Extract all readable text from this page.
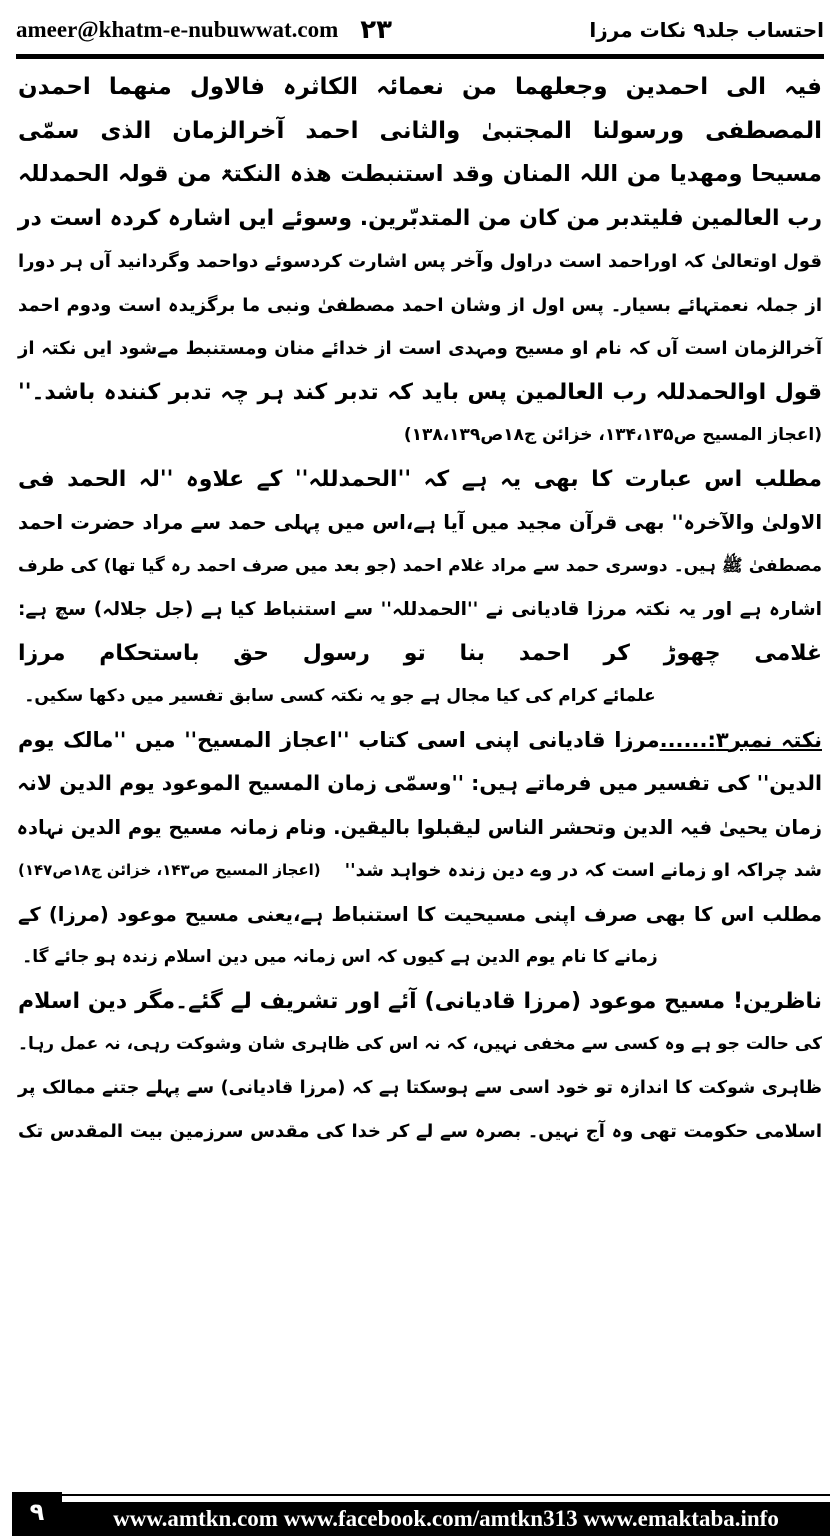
ameer@khatm-e-nubuwwat.com ۲۳	احتساب جلد۹ نکات مرزا
فیہ الی احمدین وجعلھما من نعمائہ الکاثرہ فالاول منھما احمدن
المصطفی ورسولنا المجتبیٰ والثانی احمد آخرالزمان الذی سمّی
مسیحا ومھدیا من اللہ المنان وقد استنبطت ھذہ النکتۃ من قولہ الحمدللہ
رب العالمین فلیتدبر من کان من المتدبّرین. وسوئے ایں اشارہ کردہ است در
قول اوتعالیٰ کہ اوراحمد است دراول وآخر پس اشارت کردسوئے دواحمد وگردانید آں ہر دورا
از جملہ نعمتہائے بسیار۔ پس اول از وشان احمد مصطفیٰ ونبی ما برگزیدہ است ودوم احمد
آخرالزمان است آں کہ نام او مسیح ومہدی است از خدائے منان ومستنبط مےشود ایں نکتہ از
قول اوالحمدللہ رب العالمین پس باید کہ تدبر کند ہر چہ تدبر کنندہ باشد۔''
(اعجاز المسیح ص۱۳۴،۱۳۵، خزائن ج۱۸ص۱۳۸،۱۳۹)
مطلب اس عبارت کا بھی یہ ہے کہ ''الحمدللہ'' کے علاوہ ''لہ الحمد فی
الاولیٰ والآخرہ'' بھی قرآن مجید میں آیا ہے،اس میں پہلی حمد سے مراد حضرت احمد
مصطفیٰ ﷺ ہیں۔ دوسری حمد سے مراد غلام احمد (جو بعد میں صرف احمد رہ گیا تھا) کی طرف
اشارہ ہے اور یہ نکتہ مرزا قادیانی نے ''الحمدللہ'' سے استنباط کیا ہے (جل جلالہ) سچ ہے:
غلامی چھوڑ کر احمد بنا تو رسول حق باستحکام مرزا
علمائے کرام کی کیا مجال ہے جو یہ نکتہ کسی سابق تفسیر میں دکھا سکیں۔
نکتہ نمبر۳:......مرزا قادیانی اپنی اسی کتاب ''اعجاز المسیح'' میں ''مالک یوم
الدین'' کی تفسیر میں فرماتے ہیں: ''وسمّی زمان المسیح الموعود یوم الدین لانہ
زمان یحییٰ فیہ الدین وتحشر الناس لیقبلوا بالیقین. ونام زمانہ مسیح یوم الدین نہادہ
شد چراکہ او زمانے است کہ در وے دین زندہ خواہد شد''
(اعجاز المسیح ص۱۴۳، خزائن ج۱۸ص۱۴۷)
مطلب اس کا بھی صرف اپنی مسیحیت کا استنباط ہے،یعنی مسیح موعود (مرزا) کے
زمانے کا نام یوم الدین ہے کیوں کہ اس زمانہ میں دین اسلام زندہ ہو جائے گا۔
ناظرین! مسیح موعود (مرزا قادیانی) آئے اور تشریف لے گئے۔مگر دین اسلام
کی حالت جو ہے وہ کسی سے مخفی نہیں، کہ نہ اس کی ظاہری شان وشوکت رہی، نہ عمل رہا۔
ظاہری شوکت کا اندازہ تو خود اسی سے ہوسکتا ہے کہ (مرزا قادیانی) سے پہلے جتنے ممالک پر
اسلامی حکومت تھی وہ آج نہیں۔ بصرہ سے لے کر خدا کی مقدس سرزمین بیت المقدس تک
۹	www.amtkn.com www.facebook.com/amtkn313 www.emaktaba.info
